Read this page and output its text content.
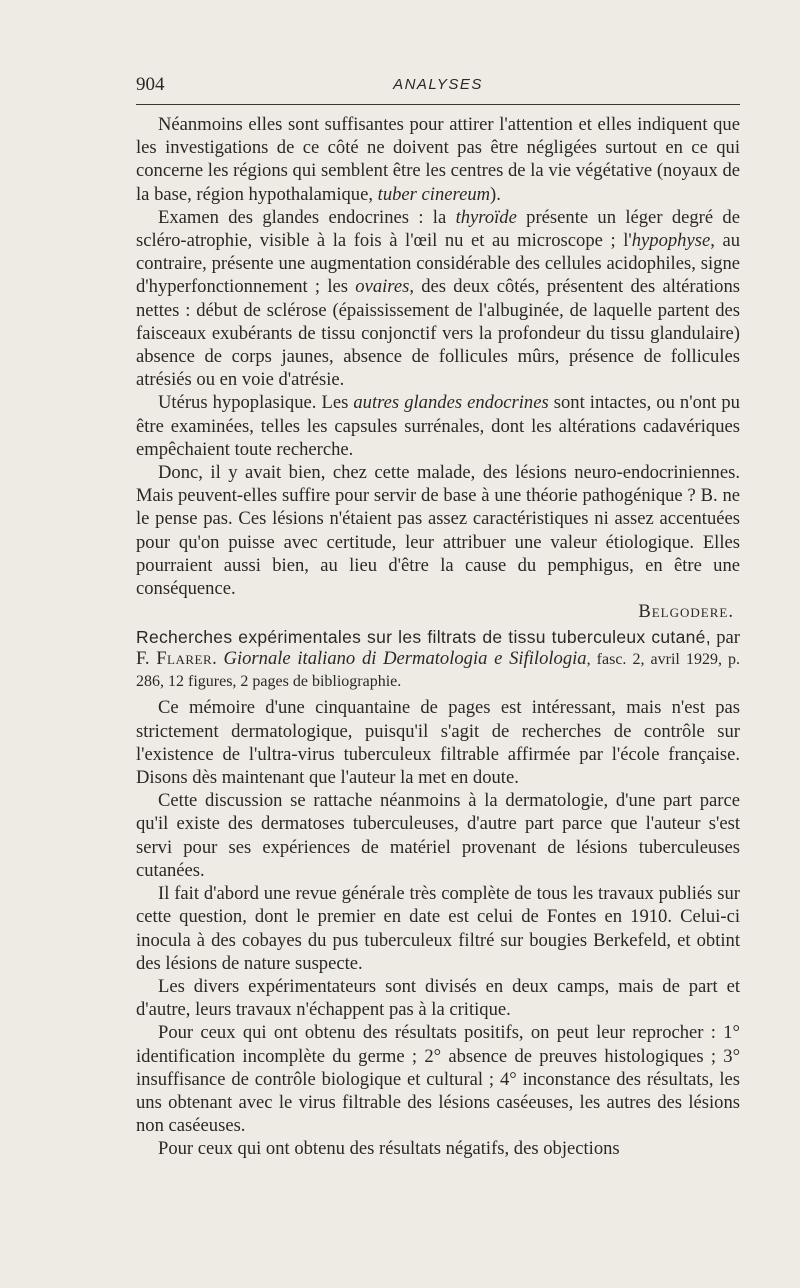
904	ANALYSES

Néanmoins elles sont suffisantes pour attirer l'attention et elles indiquent que les investigations de ce côté ne doivent pas être négligées surtout en ce qui concerne les régions qui semblent être les centres de la vie végétative (noyaux de la base, région hypothalamique, tuber cinereum).

Examen des glandes endocrines : la thyroïde présente un léger degré de scléro-atrophie, visible à la fois à l'œil nu et au microscope ; l'hypophyse, au contraire, présente une augmentation considérable des cellules acidophiles, signe d'hyperfonctionnement ; les ovaires, des deux côtés, présentent des altérations nettes : début de sclérose (épaississement de l'albuginée, de laquelle partent des faisceaux exubérants de tissu conjonctif vers la profondeur du tissu glandulaire) absence de corps jaunes, absence de follicules mûrs, présence de follicules atrésiés ou en voie d'atrésie.

Utérus hypoplasique. Les autres glandes endocrines sont intactes, ou n'ont pu être examinées, telles les capsules surrénales, dont les altérations cadavériques empêchaient toute recherche.

Donc, il y avait bien, chez cette malade, des lésions neuro-endocriniennes. Mais peuvent-elles suffire pour servir de base à une théorie pathogénique ? B. ne le pense pas. Ces lésions n'étaient pas assez caractéristiques ni assez accentuées pour qu'on puisse avec certitude, leur attribuer une valeur étiologique. Elles pourraient aussi bien, au lieu d'être la cause du pemphigus, en être une conséquence.

Belgodere.

Recherches expérimentales sur les filtrats de tissu tuberculeux cutané, par F. Flarer. Giornale italiano di Dermatologia e Sifilologia, fasc. 2, avril 1929, p. 286, 12 figures, 2 pages de bibliographie.

Ce mémoire d'une cinquantaine de pages est intéressant, mais n'est pas strictement dermatologique, puisqu'il s'agit de recherches de contrôle sur l'existence de l'ultra-virus tuberculeux filtrable affirmée par l'école française. Disons dès maintenant que l'auteur la met en doute.

Cette discussion se rattache néanmoins à la dermatologie, d'une part parce qu'il existe des dermatoses tuberculeuses, d'autre part parce que l'auteur s'est servi pour ses expériences de matériel provenant de lésions tuberculeuses cutanées.

Il fait d'abord une revue générale très complète de tous les travaux publiés sur cette question, dont le premier en date est celui de Fontes en 1910. Celui-ci inocula à des cobayes du pus tuberculeux filtré sur bougies Berkefeld, et obtint des lésions de nature suspecte.

Les divers expérimentateurs sont divisés en deux camps, mais de part et d'autre, leurs travaux n'échappent pas à la critique.

Pour ceux qui ont obtenu des résultats positifs, on peut leur reprocher : 1° identification incomplète du germe ; 2° absence de preuves histologiques ; 3° insuffisance de contrôle biologique et cultural ; 4° inconstance des résultats, les uns obtenant avec le virus filtrable des lésions caséeuses, les autres des lésions non caséeuses.

Pour ceux qui ont obtenu des résultats négatifs, des objections
